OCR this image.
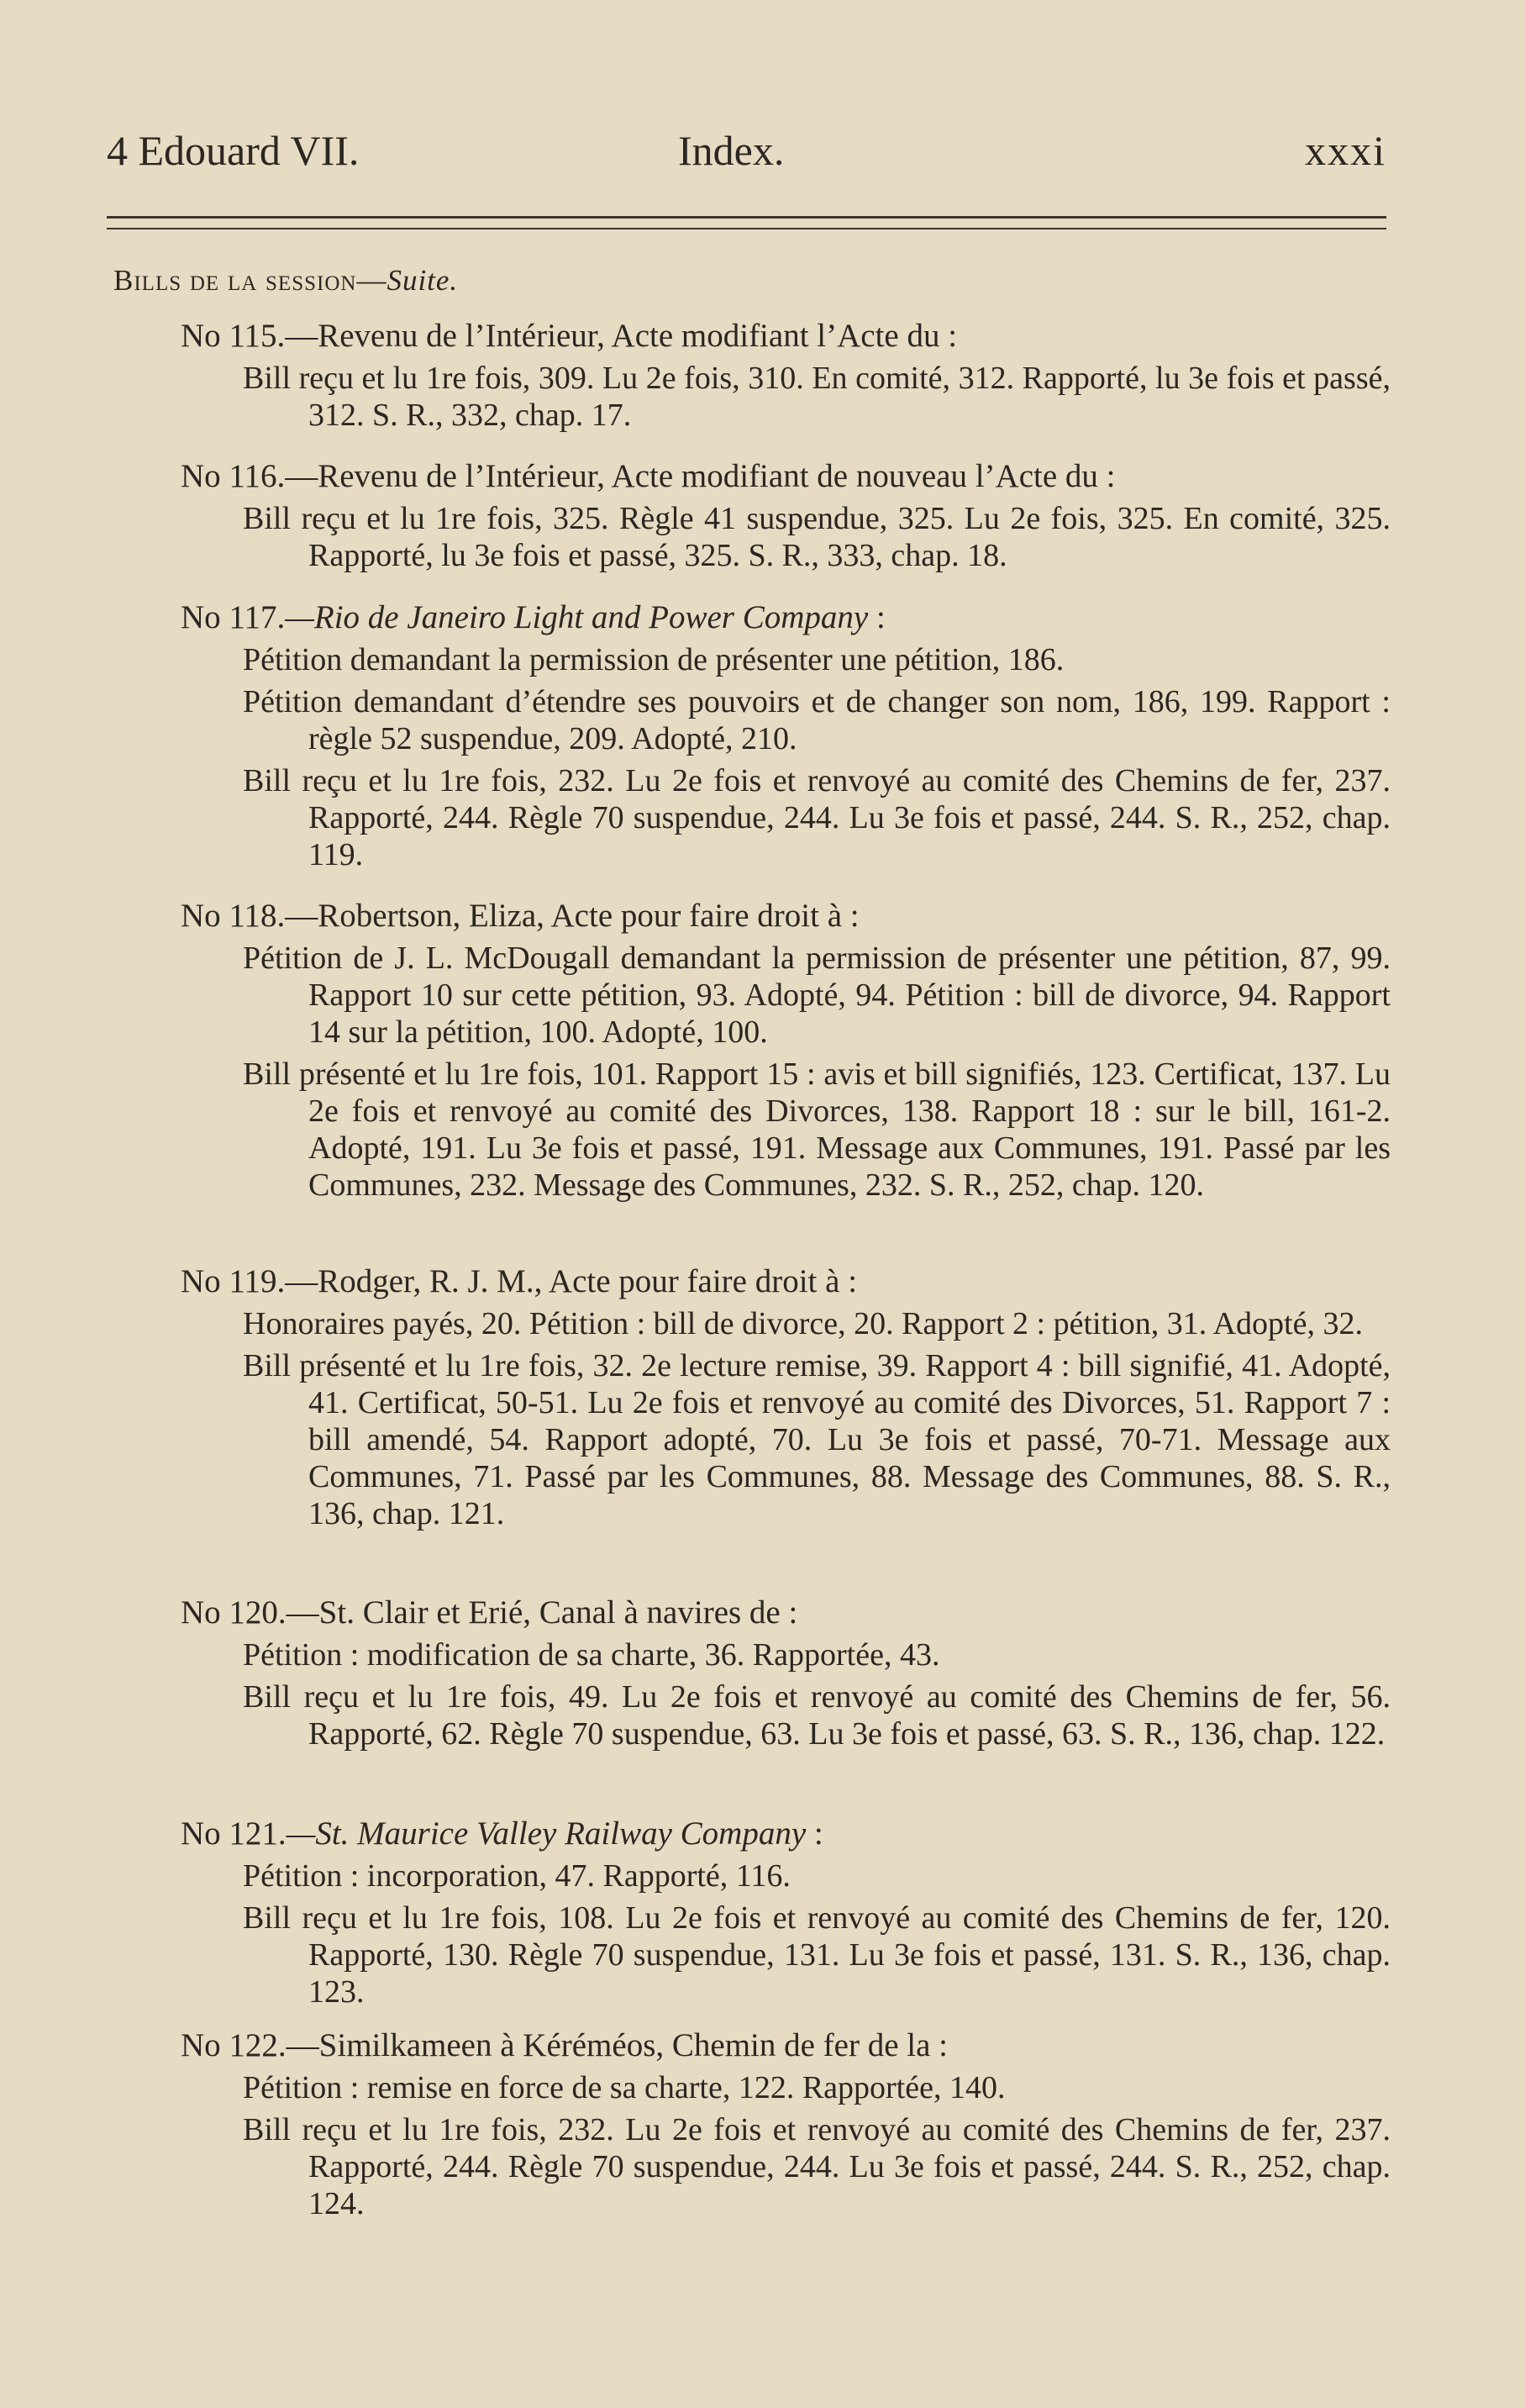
4 Edouard VII.	Index.	xxxi
Bills de la session—Suite.
No 115.—Revenu de l’Intérieur, Acte modifiant l’Acte du :
Bill reçu et lu 1re fois, 309. Lu 2e fois, 310. En comité, 312. Rapporté, lu 3e fois et passé, 312. S. R., 332, chap. 17.
No 116.—Revenu de l’Intérieur, Acte modifiant de nouveau l’Acte du :
Bill reçu et lu 1re fois, 325. Règle 41 suspendue, 325. Lu 2e fois, 325. En comité, 325. Rapporté, lu 3e fois et passé, 325. S. R., 333, chap. 18.
No 117.—Rio de Janeiro Light and Power Company :
Pétition demandant la permission de présenter une pétition, 186.
Pétition demandant d’étendre ses pouvoirs et de changer son nom, 186, 199. Rapport : règle 52 suspendue, 209. Adopté, 210.
Bill reçu et lu 1re fois, 232. Lu 2e fois et renvoyé au comité des Chemins de fer, 237. Rapporté, 244. Règle 70 suspendue, 244. Lu 3e fois et passé, 244. S. R., 252, chap. 119.
No 118.—Robertson, Eliza, Acte pour faire droit à :
Pétition de J. L. McDougall demandant la permission de présenter une pétition, 87, 99. Rapport 10 sur cette pétition, 93. Adopté, 94. Pétition : bill de divorce, 94. Rapport 14 sur la pétition, 100. Adopté, 100.
Bill présenté et lu 1re fois, 101. Rapport 15 : avis et bill signifiés, 123. Certificat, 137. Lu 2e fois et renvoyé au comité des Divorces, 138. Rapport 18 : sur le bill, 161-2. Adopté, 191. Lu 3e fois et passé, 191. Message aux Communes, 191. Passé par les Communes, 232. Message des Communes, 232. S. R., 252, chap. 120.
No 119.—Rodger, R. J. M., Acte pour faire droit à :
Honoraires payés, 20. Pétition : bill de divorce, 20. Rapport 2 : pétition, 31. Adopté, 32.
Bill présenté et lu 1re fois, 32. 2e lecture remise, 39. Rapport 4 : bill signifié, 41. Adopté, 41. Certificat, 50-51. Lu 2e fois et renvoyé au comité des Divorces, 51. Rapport 7 : bill amendé, 54. Rapport adopté, 70. Lu 3e fois et passé, 70-71. Message aux Communes, 71. Passé par les Communes, 88. Message des Communes, 88. S. R., 136, chap. 121.
No 120.—St. Clair et Erié, Canal à navires de :
Pétition : modification de sa charte, 36. Rapportée, 43.
Bill reçu et lu 1re fois, 49. Lu 2e fois et renvoyé au comité des Chemins de fer, 56. Rapporté, 62. Règle 70 suspendue, 63. Lu 3e fois et passé, 63. S. R., 136, chap. 122.
No 121.—St. Maurice Valley Railway Company :
Pétition : incorporation, 47. Rapporté, 116.
Bill reçu et lu 1re fois, 108. Lu 2e fois et renvoyé au comité des Chemins de fer, 120. Rapporté, 130. Règle 70 suspendue, 131. Lu 3e fois et passé, 131. S. R., 136, chap. 123.
No 122.—Similkameen à Kéréméos, Chemin de fer de la :
Pétition : remise en force de sa charte, 122. Rapportée, 140.
Bill reçu et lu 1re fois, 232. Lu 2e fois et renvoyé au comité des Chemins de fer, 237. Rapporté, 244. Règle 70 suspendue, 244. Lu 3e fois et passé, 244. S. R., 252, chap. 124.
